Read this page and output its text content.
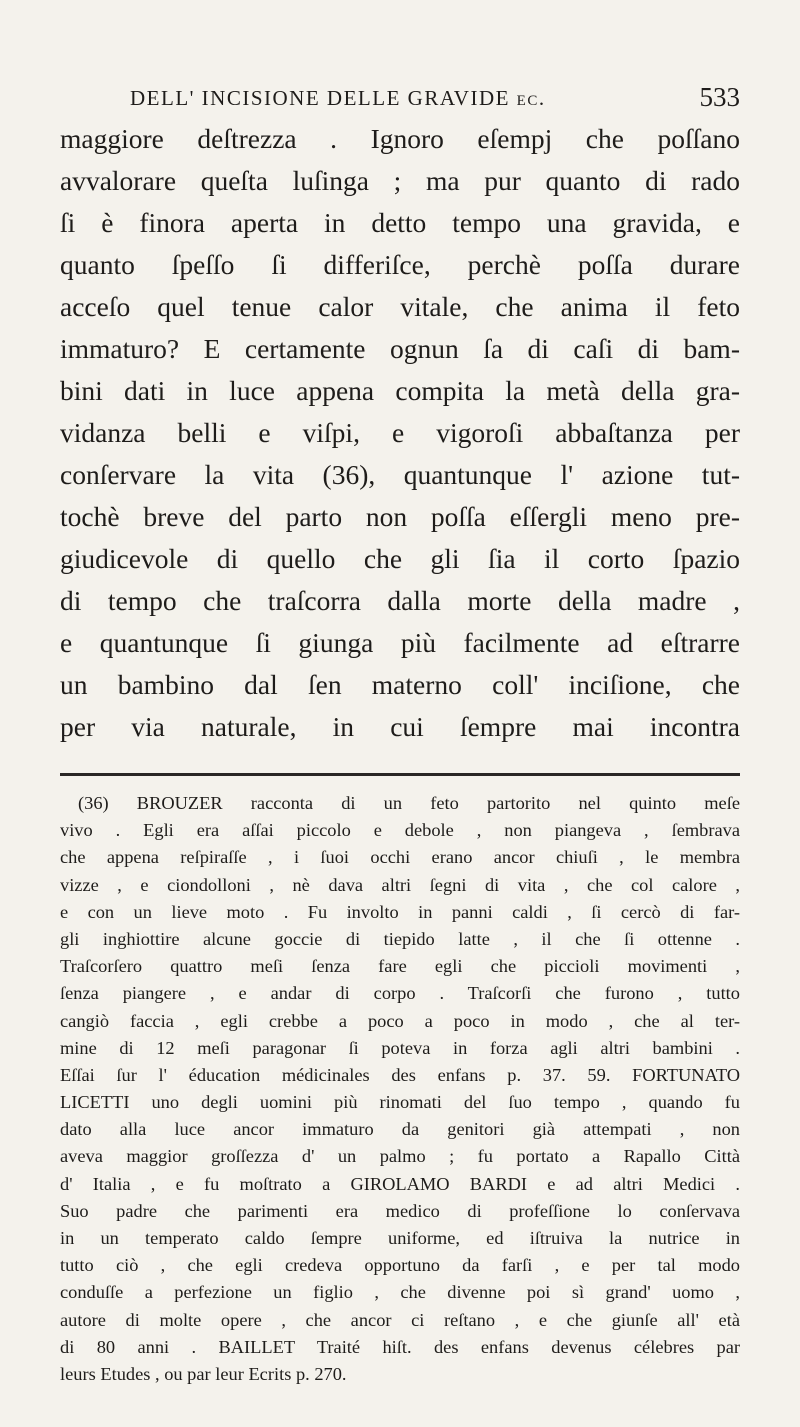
DELL' INCISIONE DELLE GRAVIDE ec.	533
maggiore deſtrezza . Ignoro eſempj che poſſano
avvalorare queſta luſinga ; ma pur quanto di rado
ſi è finora aperta in detto tempo una gravida, e
quanto ſpeſſo ſi differiſce, perchè poſſa durare
acceſo quel tenue calor vitale, che anima il feto
immaturo? E certamente ognun ſa di caſi di bam-
bini dati in luce appena compita la metà della gra-
vidanza belli e viſpi, e vigoroſi abbaſtanza per
conſervare la vita (36), quantunque l' azione tut-
tochè breve del parto non poſſa eſſergli meno pre-
giudicevole di quello che gli ſia il corto ſpazio
di tempo che traſcorra dalla morte della madre ,
e quantunque ſi giunga più facilmente ad eſtrarre
un bambino dal ſen materno coll' inciſione, che
per via naturale, in cui ſempre mai incontra
(36) BROUZER racconta di un feto partorito nel quinto meſe
vivo . Egli era aſſai piccolo e debole , non piangeva , ſembrava
che appena reſpiraſſe , i ſuoi occhi erano ancor chiuſi , le membra
vizze , e ciondolloni , nè dava altri ſegni di vita , che col calore ,
e con un lieve moto . Fu involto in panni caldi , ſi cercò di far-
gli inghiottire alcune goccie di tiepido latte , il che ſi ottenne .
Traſcorſero quattro meſi ſenza fare egli che piccioli movimenti ,
ſenza piangere , e andar di corpo . Traſcorſi che furono , tutto
cangiò faccia , egli crebbe a poco a poco in modo , che al ter-
mine di 12 meſi paragonar ſi poteva in forza agli altri bambini .
Eſſai ſur l' éducation médicinales des enfans p. 37. 59. FORTUNATO
LICETTI uno degli uomini più rinomati del ſuo tempo , quando fu
dato alla luce ancor immaturo da genitori già attempati , non
aveva maggior groſſezza d' un palmo ; fu portato a Rapallo Città
d' Italia , e fu moſtrato a GIROLAMO BARDI e ad altri Medici .
Suo padre che parimenti era medico di profeſſione lo conſervava
in un temperato caldo ſempre uniforme, ed iſtruiva la nutrice in
tutto ciò , che egli credeva opportuno da farſi , e per tal modo
conduſſe a perfezione un figlio , che divenne poi sì grand' uomo ,
autore di molte opere , che ancor ci reſtano , e che giunſe all' età
di 80 anni . BAILLET Traité hiſt. des enfans devenus célebres par
leurs Etudes , ou par leur Ecrits p. 270.
